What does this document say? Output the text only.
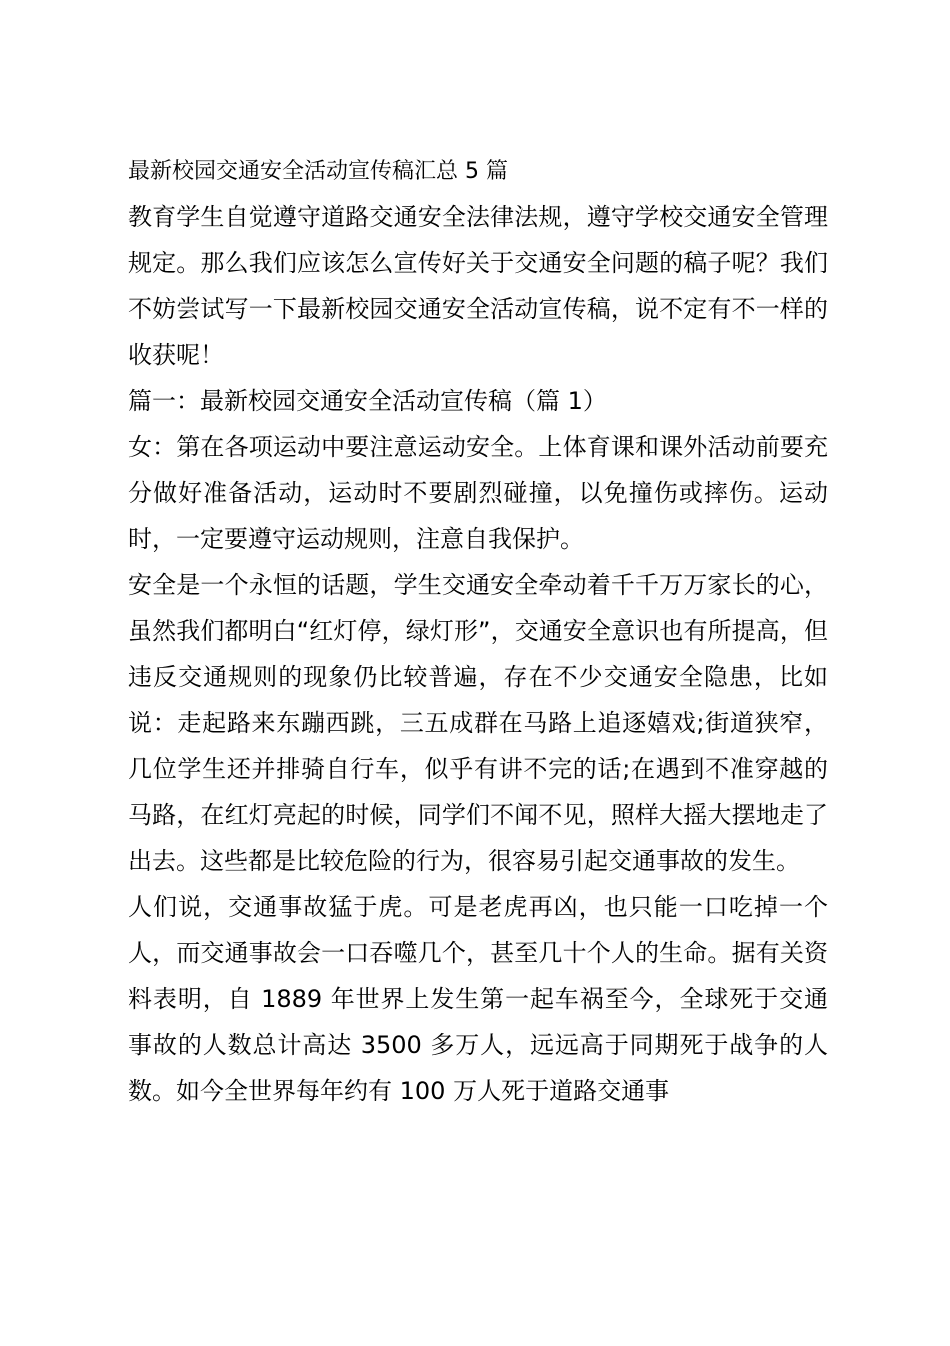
最新校园交通安全活动宣传稿汇总 5 篇

教育学生自觉遵守道路交通安全法律法规，遵守学校交通安全管理规定。那么我们应该怎么宣传好关于交通安全问题的稿子呢？我们不妨尝试写一下最新校园交通安全活动宣传稿，说不定有不一样的收获呢！

篇一：最新校园交通安全活动宣传稿（篇 1）

女：第在各项运动中要注意运动安全。上体育课和课外活动前要充分做好准备活动，运动时不要剧烈碰撞，以免撞伤或摔伤。运动时，一定要遵守运动规则，注意自我保护。

安全是一个永恒的话题，学生交通安全牵动着千千万万家长的心，虽然我们都明白“红灯停，绿灯形”，交通安全意识也有所提高，但违反交通规则的现象仍比较普遍，存在不少交通安全隐患，比如说：走起路来东蹦西跳，三五成群在马路上追逐嬉戏;街道狭窄，几位学生还并排骑自行车，似乎有讲不完的话;在遇到不准穿越的马路，在红灯亮起的时候，同学们不闻不见，照样大摇大摆地走了出去。这些都是比较危险的行为，很容易引起交通事故的发生。

人们说，交通事故猛于虎。可是老虎再凶，也只能一口吃掉一个人，而交通事故会一口吞噬几个，甚至几十个人的生命。据有关资料表明，自 1889 年世界上发生第一起车祸至今，全球死于交通事故的人数总计高达 3500 多万人，远远高于同期死于战争的人数。如今全世界每年约有 100 万人死于道路交通事
